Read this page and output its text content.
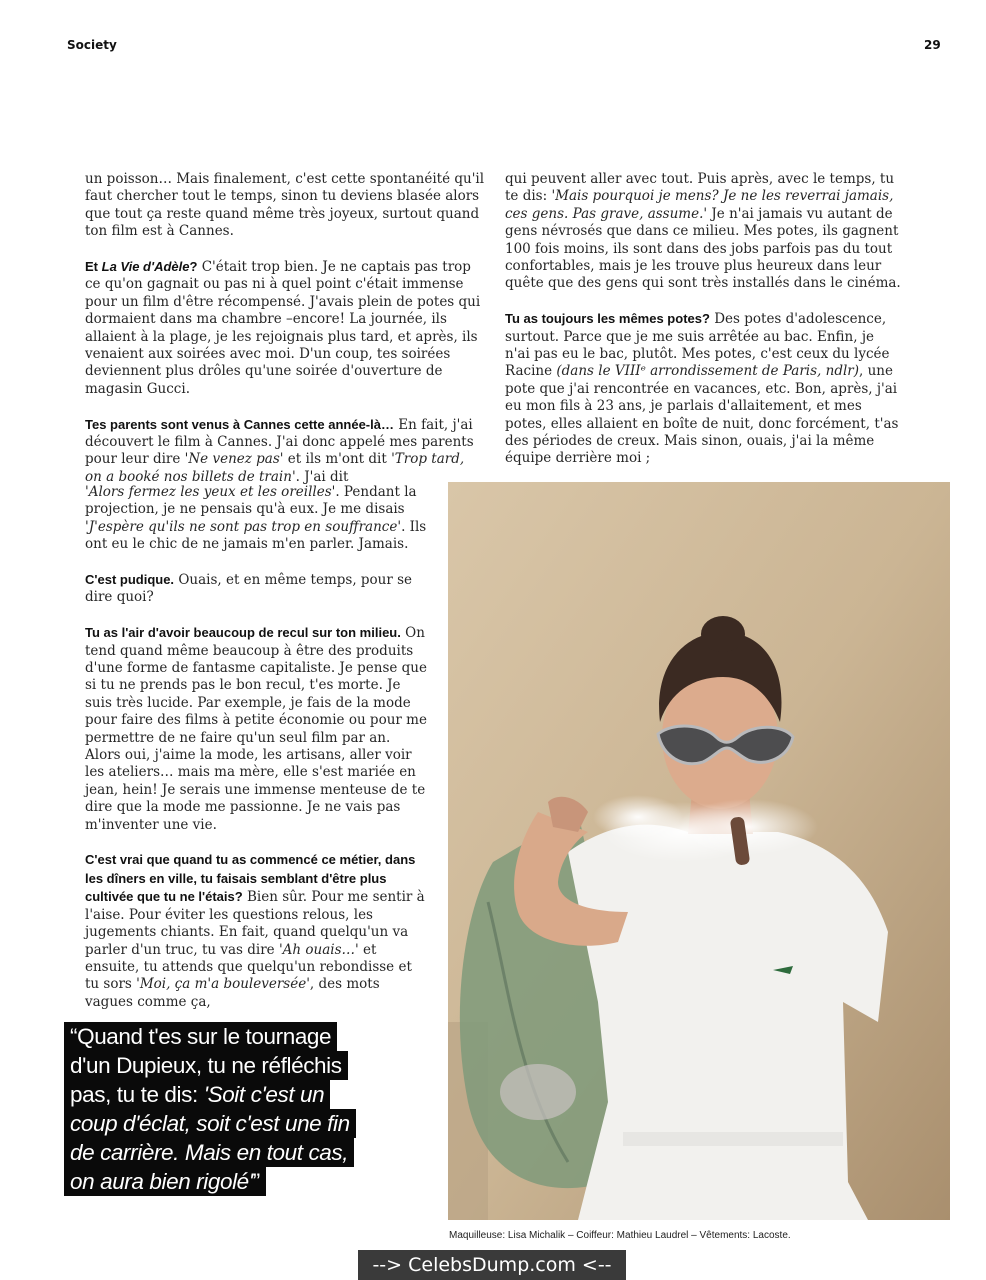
Society	29

un poisson… Mais finalement, c'est cette spontanéité qu'il faut chercher tout le temps, sinon tu deviens blasée alors que tout ça reste quand même très joyeux, surtout quand ton film est à Cannes.

Et La Vie d'Adèle? C'était trop bien. Je ne captais pas trop ce qu'on gagnait ou pas ni à quel point c'était immense pour un film d'être récompensé. J'avais plein de potes qui dormaient dans ma chambre –encore! La journée, ils allaient à la plage, je les rejoignais plus tard, et après, ils venaient aux soirées avec moi. D'un coup, tes soirées deviennent plus drôles qu'une soirée d'ouverture de magasin Gucci.

Tes parents sont venus à Cannes cette année-là… En fait, j'ai découvert le film à Cannes. J'ai donc appelé mes parents pour leur dire 'Ne venez pas' et ils m'ont dit 'Trop tard, on a booké nos billets de train'. J'ai dit

'Alors fermez les yeux et les oreilles'. Pendant la projection, je ne pensais qu'à eux. Je me disais 'J'espère qu'ils ne sont pas trop en souffrance'. Ils ont eu le chic de ne jamais m'en parler. Jamais.

C'est pudique. Ouais, et en même temps, pour se dire quoi?

Tu as l'air d'avoir beaucoup de recul sur ton milieu. On tend quand même beaucoup à être des produits d'une forme de fantasme capitaliste. Je pense que si tu ne prends pas le bon recul, t'es morte. Je suis très lucide. Par exemple, je fais de la mode pour faire des films à petite économie ou pour me permettre de ne faire qu'un seul film par an. Alors oui, j'aime la mode, les artisans, aller voir les ateliers… mais ma mère, elle s'est mariée en jean, hein! Je serais une immense menteuse de te dire que la mode me passionne. Je ne vais pas m'inventer une vie.

C'est vrai que quand tu as commencé ce métier, dans les dîners en ville, tu faisais semblant d'être plus cultivée que tu ne l'étais? Bien sûr. Pour me sentir à l'aise. Pour éviter les questions relous, les jugements chiants. En fait, quand quelqu'un va parler d'un truc, tu vas dire 'Ah ouais…' et ensuite, tu attends que quelqu'un rebondisse et tu sors 'Moi, ça m'a bouleversée', des mots vagues comme ça,

qui peuvent aller avec tout. Puis après, avec le temps, tu te dis: 'Mais pourquoi je mens? Je ne les reverrai jamais, ces gens. Pas grave, assume.' Je n'ai jamais vu autant de gens névrosés que dans ce milieu. Mes potes, ils gagnent 100 fois moins, ils sont dans des jobs parfois pas du tout confortables, mais je les trouve plus heureux dans leur quête que des gens qui sont très installés dans le cinéma.

Tu as toujours les mêmes potes? Des potes d'adolescence, surtout. Parce que je me suis arrêtée au bac. Enfin, je n'ai pas eu le bac, plutôt. Mes potes, c'est ceux du lycée Racine (dans le VIIIᵉ arrondissement de Paris, ndlr), une pote que j'ai rencontrée en vacances, etc. Bon, après, j'ai eu mon fils à 23 ans, je parlais d'allaitement, et mes potes, elles allaient en boîte de nuit, donc forcément, t'as des périodes de creux. Mais sinon, ouais, j'ai la même équipe derrière moi ;

Maquilleuse: Lisa Michalik – Coiffeur: Mathieu Laudrel – Vêtements: Lacoste.
“Quand t'es sur le tournage
d'un Dupieux, tu ne réfléchis
pas, tu te dis: 'Soit c'est un
coup d'éclat, soit c'est une fin
de carrière. Mais en tout cas,
on aura bien rigolé'”
--> CelebsDump.com <--
